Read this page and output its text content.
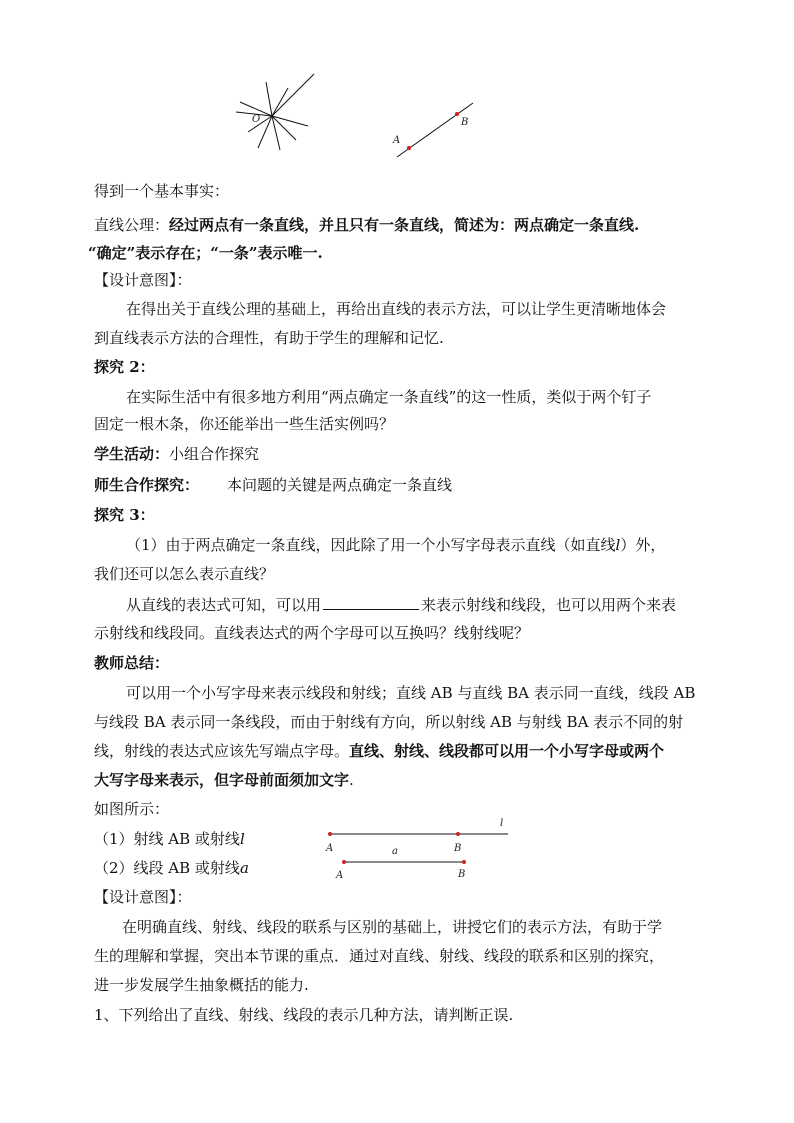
O
A
B
得到一个基本事实：
直线公理：经过两点有一条直线，并且只有一条直线，简述为：两点确定一条直线.
“确定”表示存在；“一条”表示唯一.
【设计意图】：
在得出关于直线公理的基础上，再给出直线的表示方法，可以让学生更清晰地体会
到直线表示方法的合理性，有助于学生的理解和记忆.
探究 2：
在实际生活中有很多地方利用“两点确定一条直线”的这一性质，类似于两个钉子
固定一根木条，你还能举出一些生活实例吗？
学生活动：小组合作探究
师生合作探究： 本问题的关键是两点确定一条直线
探究 3：
（1）由于两点确定一条直线，因此除了用一个小写字母表示直线（如直线l）外，
我们还可以怎么表示直线？
从直线的表达式可知，可以用	来表示射线和线段，也可以用两个来表
示射线和线段同。直线表达式的两个字母可以互换吗？线射线呢？
教师总结：
可以用一个小写字母来表示线段和射线；直线 AB 与直线 BA 表示同一直线，线段 AB
与线段 BA 表示同一条线段，而由于射线有方向，所以射线 AB 与射线 BA 表示不同的射
线，射线的表达式应该先写端点字母。直线、射线、线段都可以用一个小写字母或两个
大写字母来表示，但字母前面须加文字.
如图所示：
（1）射线 AB 或射线l
（2）线段 AB 或射线a
l
A	B
a
A	B
【设计意图】：
在明确直线、射线、线段的联系与区别的基础上，讲授它们的表示方法，有助于学
生的理解和掌握，突出本节课的重点．通过对直线、射线、线段的联系和区别的探究，
进一步发展学生抽象概括的能力.
1、下列给出了直线、射线、线段的表示几种方法，请判断正误.
